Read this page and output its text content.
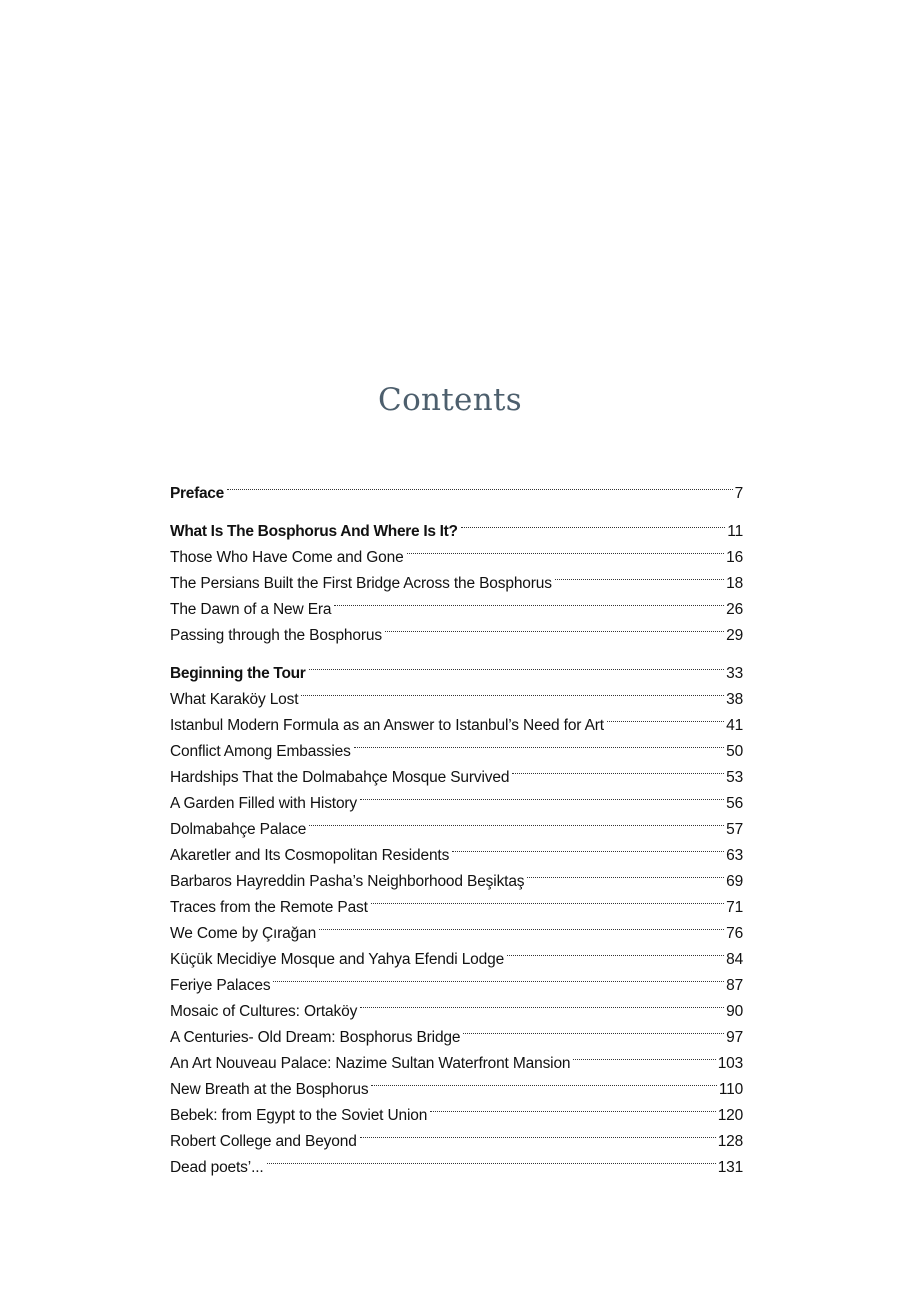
Contents
Preface	7
What Is The Bosphorus And Where Is It?	11
Those Who Have Come and Gone	16
The Persians Built the First Bridge Across the Bosphorus	18
The Dawn of a New Era	26
Passing through the Bosphorus	29
Beginning the Tour	33
What Karaköy Lost	38
Istanbul Modern Formula as an Answer to Istanbul’s Need for Art	41
Conflict Among Embassies	50
Hardships That the Dolmabahçe Mosque Survived	53
A Garden Filled with History	56
Dolmabahçe Palace	57
Akaretler and Its Cosmopolitan Residents	63
Barbaros Hayreddin Pasha’s Neighborhood Beşiktaş	69
Traces from the Remote Past	71
We Come by Çırağan	76
Küçük Mecidiye Mosque and Yahya Efendi Lodge	84
Feriye Palaces	87
Mosaic of Cultures: Ortaköy	90
A Centuries- Old Dream: Bosphorus Bridge	97
An Art Nouveau Palace: Nazime Sultan Waterfront Mansion	103
New Breath at the Bosphorus	110
Bebek: from Egypt to the Soviet Union	120
Robert College and Beyond	128
Dead poets’...	131
